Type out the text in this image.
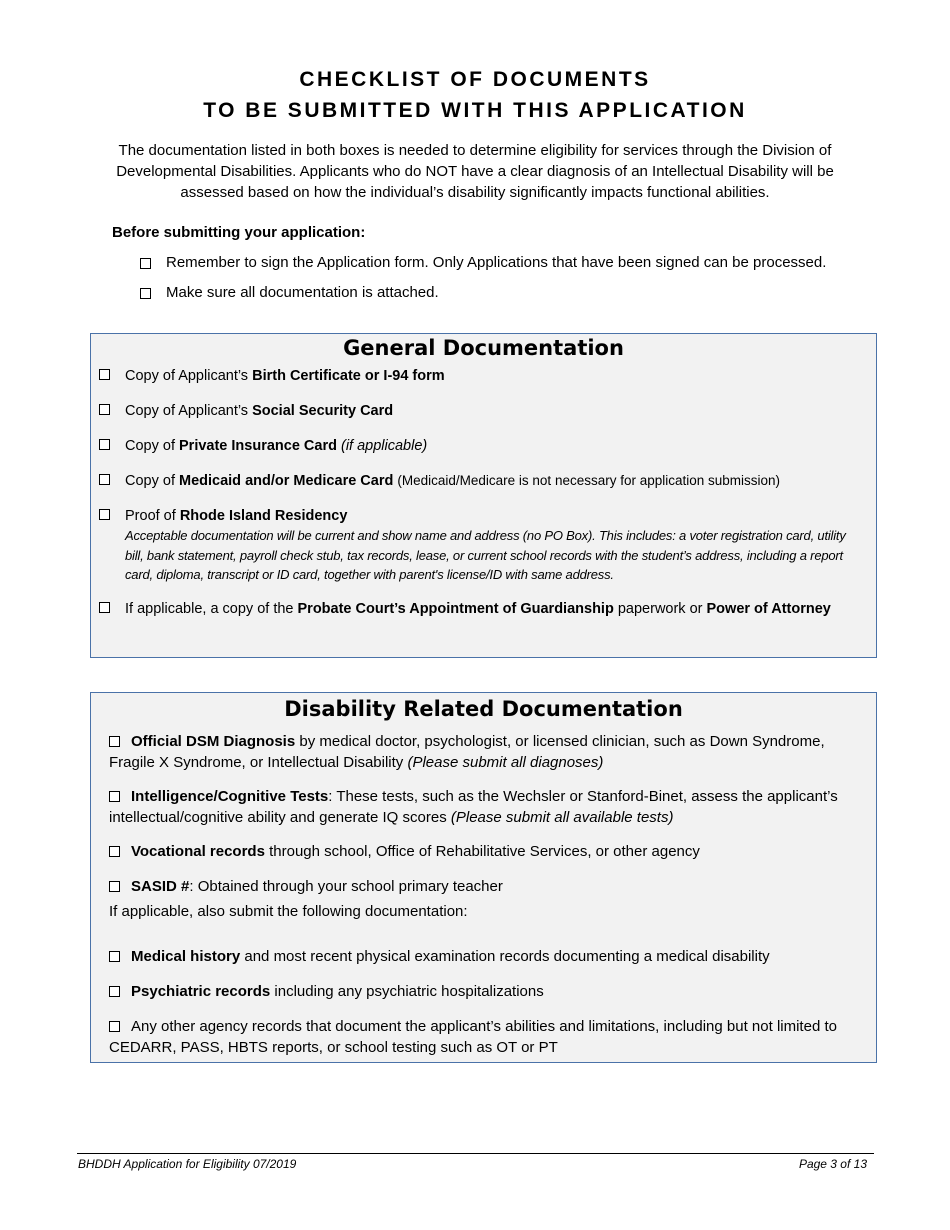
CHECKLIST OF DOCUMENTS
TO BE SUBMITTED WITH THIS APPLICATION
The documentation listed in both boxes is needed to determine eligibility for services through the Division of
Developmental Disabilities. Applicants who do NOT have a clear diagnosis of an Intellectual Disability will be
assessed based on how the individual’s disability significantly impacts functional abilities.
Before submitting your application:
Remember to sign the Application form. Only Applications that have been signed can be processed.
Make sure all documentation is attached.
General Documentation
Copy of Applicant’s Birth Certificate or I-94 form
Copy of Applicant’s Social Security Card
Copy of Private Insurance Card (if applicable)
Copy of Medicaid and/or Medicare Card (Medicaid/Medicare is not necessary for application submission)
Proof of Rhode Island Residency
Acceptable documentation will be current and show name and address (no PO Box). This includes: a voter registration card, utility bill, bank statement, payroll check stub, tax records, lease, or current school records with the student’s address, including a report card, diploma, transcript or ID card, together with parent's license/ID with same address.
If applicable, a copy of the Probate Court’s Appointment of Guardianship paperwork or Power of Attorney
Disability Related Documentation
Official DSM Diagnosis by medical doctor, psychologist, or licensed clinician, such as Down Syndrome, Fragile X Syndrome, or Intellectual Disability (Please submit all diagnoses)
Intelligence/Cognitive Tests: These tests, such as the Wechsler or Stanford-Binet, assess the applicant’s intellectual/cognitive ability and generate IQ scores (Please submit all available tests)
Vocational records through school, Office of Rehabilitative Services, or other agency
SASID #: Obtained through your school primary teacher
If applicable, also submit the following documentation:
Medical history and most recent physical examination records documenting a medical disability
Psychiatric records including any psychiatric hospitalizations
Any other agency records that document the applicant’s abilities and limitations, including but not limited to CEDARR, PASS, HBTS reports, or school testing such as OT or PT
BHDDH Application for Eligibility 07/2019	Page 3 of 13
